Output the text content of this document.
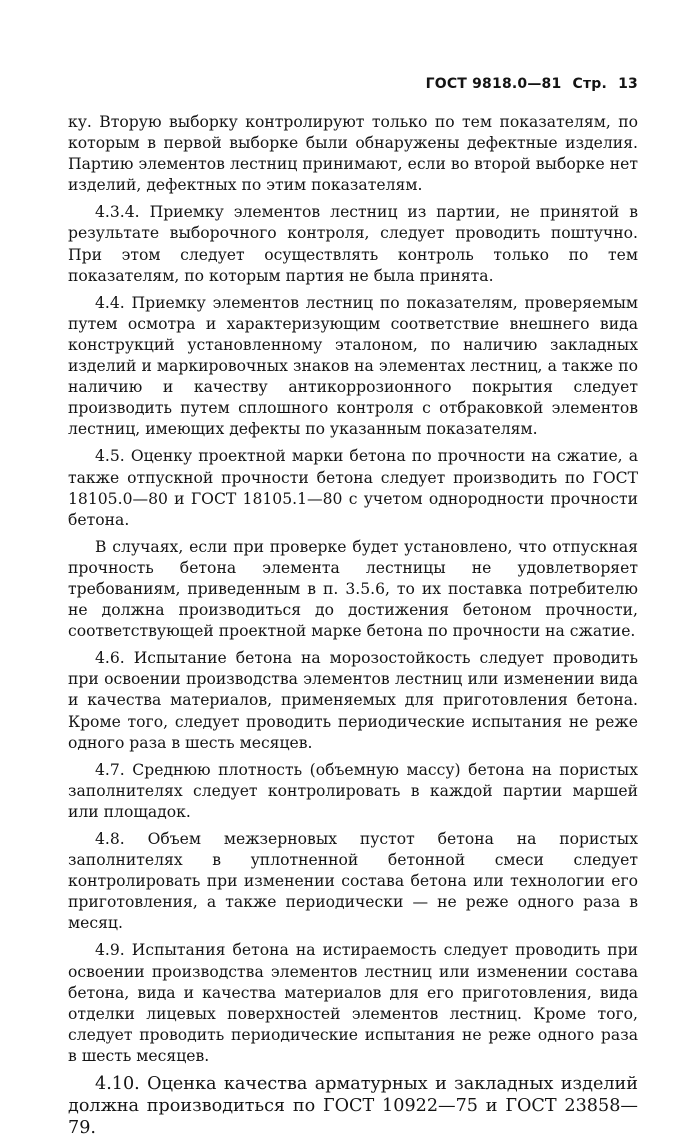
ГОСТ 9818.0—81 Стр. 13

ку. Вторую выборку контролируют только по тем показателям, по которым в первой выборке были обнаружены дефектные изделия. Партию элементов лестниц принимают, если во второй выборке нет изделий, дефектных по этим показателям.

4.3.4. Приемку элементов лестниц из партии, не принятой в результате выборочного контроля, следует проводить поштучно. При этом следует осуществлять контроль только по тем показателям, по которым партия не была принята.

4.4. Приемку элементов лестниц по показателям, проверяемым путем осмотра и характеризующим соответствие внешнего вида конструкций установленному эталоном, по наличию закладных изделий и маркировочных знаков на элементах лестниц, а также по наличию и качеству антикоррозионного покрытия следует производить путем сплошного контроля с отбраковкой элементов лестниц, имеющих дефекты по указанным показателям.

4.5. Оценку проектной марки бетона по прочности на сжатие, а также отпускной прочности бетона следует производить по ГОСТ 18105.0—80 и ГОСТ 18105.1—80 с учетом однородности прочности бетона.

В случаях, если при проверке будет установлено, что отпускная прочность бетона элемента лестницы не удовлетворяет требованиям, приведенным в п. 3.5.6, то их поставка потребителю не должна производиться до достижения бетоном прочности, соответствующей проектной марке бетона по прочности на сжатие.

4.6. Испытание бетона на морозостойкость следует проводить при освоении производства элементов лестниц или изменении вида и качества материалов, применяемых для приготовления бетона. Кроме того, следует проводить периодические испытания не реже одного раза в шесть месяцев.

4.7. Среднюю плотность (объемную массу) бетона на пористых заполнителях следует контролировать в каждой партии маршей или площадок.

4.8. Объем межзерновых пустот бетона на пористых заполнителях в уплотненной бетонной смеси следует контролировать при изменении состава бетона или технологии его приготовления, а также периодически — не реже одного раза в месяц.

4.9. Испытания бетона на истираемость следует проводить при освоении производства элементов лестниц или изменении состава бетона, вида и качества материалов для его приготовления, вида отделки лицевых поверхностей элементов лестниц. Кроме того, следует проводить периодические испытания не реже одного раза в шесть месяцев.

4.10. Оценка качества арматурных и закладных изделий должна производиться по ГОСТ 10922—75 и ГОСТ 23858—79.
